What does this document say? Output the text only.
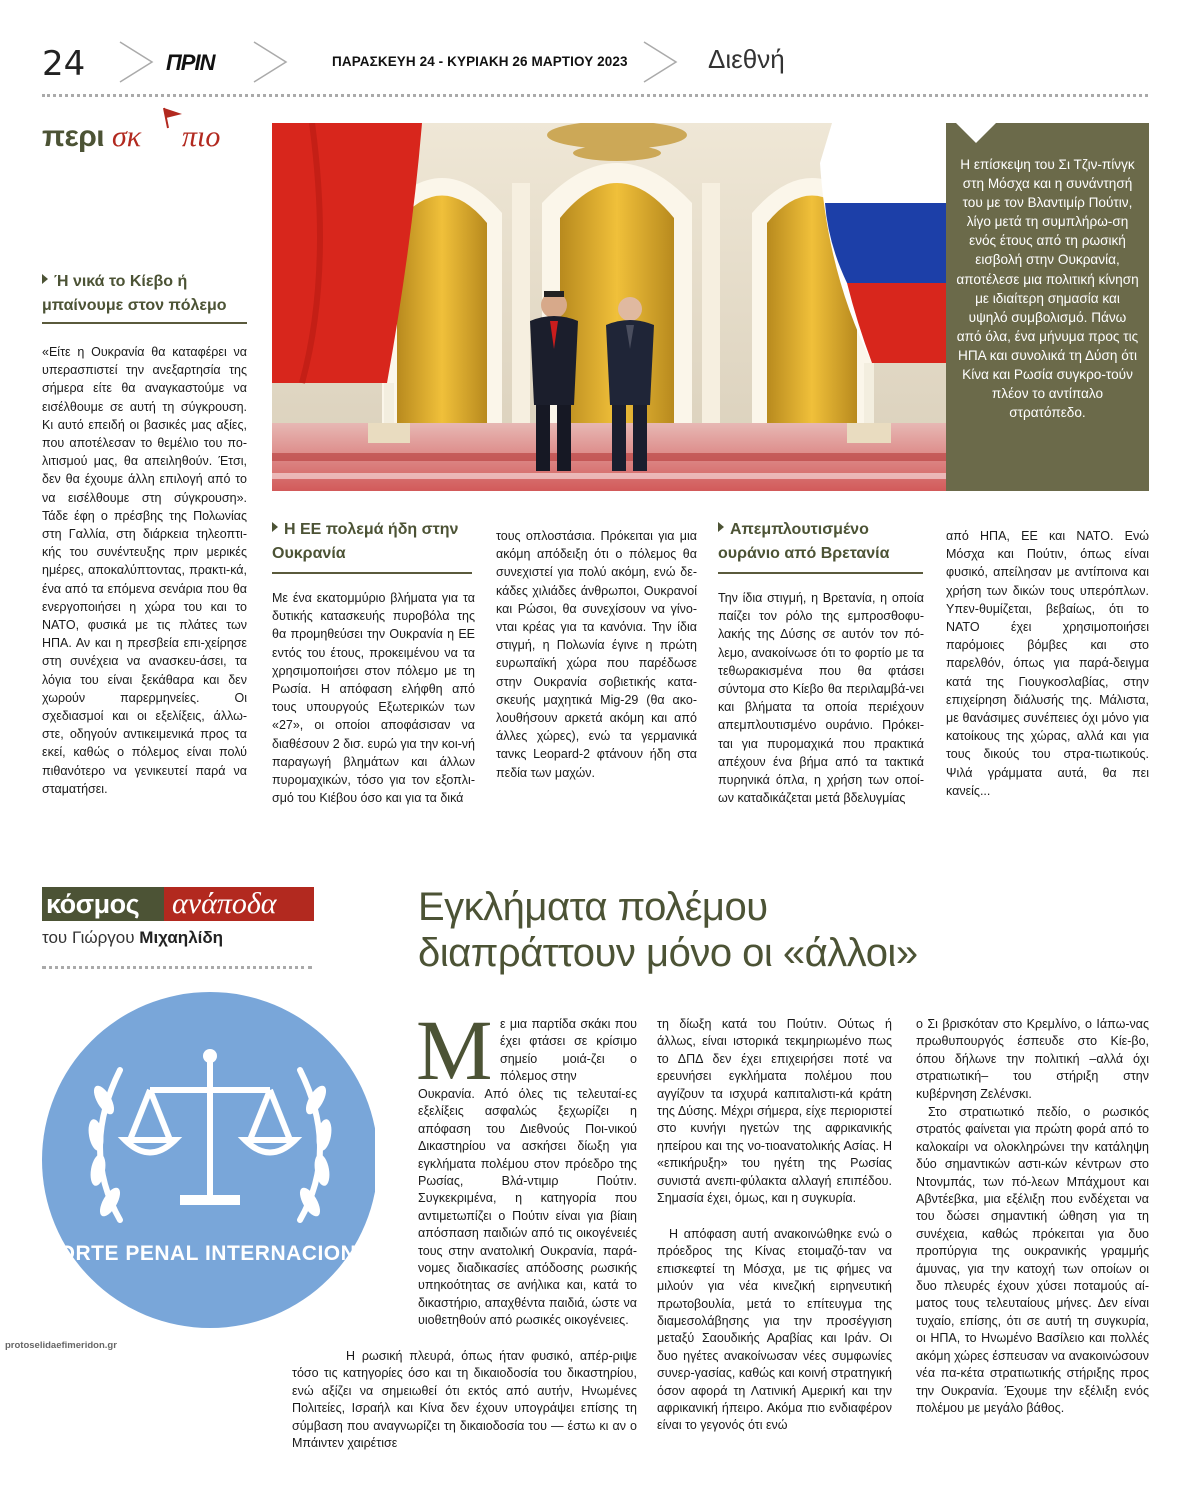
24	ΠΡΙΝ	ΠΑΡΑΣΚΕΥΗ 24 - ΚΥΡΙΑΚΗ 26 ΜΑΡΤΙΟΥ 2023	Διεθνή
περι σκ πιο
Η επίσκεψη του Σι Τζιν-πίνγκ στη Μόσχα και η συνάντησή του με τον Βλαντιμίρ Πούτιν, λίγο μετά τη συμπλήρω-ση ενός έτους από τη ρωσική εισβολή στην Ουκρανία, αποτέλεσε μια πολιτική κίνηση με ιδιαίτερη σημασία και υψηλό συμβολισμό. Πάνω από όλα, ένα μήνυμα προς τις ΗΠΑ και συνολικά τη Δύση ότι Κίνα και Ρωσία συγκρο-τούν πλέον το αντίπαλο στρατόπεδο.
Ή νικά το Κίεβο ή μπαίνουμε στον πόλεμο
«Είτε η Ουκρανία θα καταφέρει να υπερασπιστεί την ανεξαρτησία της σήμερα είτε θα αναγκαστούμε να εισέλθουμε σε αυτή τη σύγκρουση. Κι αυτό επειδή οι βασικές μας αξίες, που αποτέλεσαν το θεμέλιο του πο-λιτισμού μας, θα απειληθούν. Έτσι, δεν θα έχουμε άλλη επιλογή από το να εισέλθουμε στη σύγκρουση». Τάδε έφη ο πρέσβης της Πολωνίας στη Γαλλία, στη διάρκεια τηλεοπτι-κής του συνέντευξης πριν μερικές ημέρες, αποκαλύπτοντας, πρακτι-κά, ένα από τα επόμενα σενάρια που θα ενεργοποιήσει η χώρα του και το ΝΑΤΟ, φυσικά με τις πλάτες των ΗΠΑ. Αν και η πρεσβεία επι-χείρησε στη συνέχεια να ανασκευ-άσει, τα λόγια του είναι ξεκάθαρα και δεν χωρούν παρερμηνείες. Οι σχεδιασμοί και οι εξελίξεις, άλλω-στε, οδηγούν αντικειμενικά προς τα εκεί, καθώς ο πόλεμος είναι πολύ πιθανότερο να γενικευτεί παρά να σταματήσει.
Η ΕΕ πολεμά ήδη στην Ουκρανία
Με ένα εκατομμύριο βλήματα για τα δυτικής κατασκευής πυροβόλα της θα προμηθεύσει την Ουκρανία η ΕΕ εντός του έτους, προκειμένου να τα χρησιμοποιήσει στον πόλεμο με τη Ρωσία. Η απόφαση ελήφθη από τους υπουργούς Εξωτερικών των «27», οι οποίοι αποφάσισαν να διαθέσουν 2 δισ. ευρώ για την κοι-νή παραγωγή βλημάτων και άλλων πυρομαχικών, τόσο για τον εξοπλι-σμό του Κιέβου όσο και για τα δικά
τους οπλοστάσια. Πρόκειται για μια ακόμη απόδειξη ότι ο πόλεμος θα συνεχιστεί για πολύ ακόμη, ενώ δε-κάδες χιλιάδες άνθρωποι, Ουκρανοί και Ρώσοι, θα συνεχίσουν να γίνο-νται κρέας για τα κανόνια. Την ίδια στιγμή, η Πολωνία έγινε η πρώτη ευρωπαϊκή χώρα που παρέδωσε στην Ουκρανία σοβιετικής κατα-σκευής μαχητικά Mig-29 (θα ακο-λουθήσουν αρκετά ακόμη και από άλλες χώρες), ενώ τα γερμανικά τανκς Leopard-2 φτάνουν ήδη στα πεδία των μαχών.
Απεμπλουτισμένο ουράνιο από Βρετανία
Την ίδια στιγμή, η Βρετανία, η οποία παίζει τον ρόλο της εμπροσθοφυ-λακής της Δύσης σε αυτόν τον πό-λεμο, ανακοίνωσε ότι το φορτίο με τα τεθωρακισμένα που θα φτάσει σύντομα στο Κίεβο θα περιλαμβά-νει και βλήματα τα οποία περιέχουν απεμπλουτισμένο ουράνιο. Πρόκει-ται για πυρομαχικά που πρακτικά απέχουν ένα βήμα από τα τακτικά πυρηνικά όπλα, η χρήση των οποί-ων καταδικάζεται μετά βδελυγμίας
από ΗΠΑ, ΕΕ και ΝΑΤΟ. Ενώ Μόσχα και Πούτιν, όπως είναι φυσικό, απείλησαν με αντίποινα και χρήση των δικών τους υπερόπλων. Υπεν-θυμίζεται, βεβαίως, ότι το ΝΑΤΟ έχει χρησιμοποιήσει παρόμοιες βόμβες και στο παρελθόν, όπως για παρά-δειγμα κατά της Γιουγκοσλαβίας, στην επιχείρηση διάλυσής της. Μάλιστα, με θανάσιμες συνέπειες όχι μόνο για κατοίκους της χώρας, αλλά και για τους δικούς του στρα-τιωτικούς. Ψιλά γράμματα αυτά, θα πει κανείς...
κόσμος	ανάποδα
του Γιώργου Μιχαηλίδη
ORTE PENAL INTERNACION
protoselidaefimeridon.gr
Εγκλήματα πολέμου
διαπράττουν μόνο οι «άλλοι»
Μ ε μια παρτίδα σκάκι που έχει φτάσει σε κρίσιμο σημείο μοιά-ζει ο πόλεμος στην
Ουκρανία. Από όλες τις τελευταί-ες εξελίξεις ασφαλώς ξεχωρίζει η απόφαση του Διεθνούς Ποι-νικού Δικαστηρίου να ασκήσει δίωξη για εγκλήματα πολέμου στον πρόεδρο της Ρωσίας, Βλά-ντιμιρ Πούτιν. Συγκεκριμένα, η κατηγορία που αντιμετωπίζει ο Πούτιν είναι για βίαιη απόσπαση παιδιών από τις οικογένειές τους στην ανατολική Ουκρανία, παρά-νομες διαδικασίες απόδοσης ρωσικής υπηκοότητας σε ανήλικα και, κατά το δικαστήριο, απαχθέντα παιδιά, ώστε να υιοθετηθούν από ρωσικές οικογένειες.
Η ρωσική πλευρά, όπως ήταν φυσικό, απέρ-ριψε τόσο τις κατηγορίες όσο και τη δικαιοδοσία του δικαστηρίου, ενώ αξίζει να σημειωθεί ότι εκτός από αυτήν, Ηνωμένες Πολιτείες, Ισραήλ και Κίνα δεν έχουν υπογράψει επίσης τη σύμβαση που αναγνωρίζει τη δικαιοδοσία του — έστω κι αν ο Μπάιντεν χαιρέτισε
τη δίωξη κατά του Πούτιν. Ούτως ή άλλως, είναι ιστορικά τεκμηριωμένο πως το ΔΠΔ δεν έχει επιχειρήσει ποτέ να ερευνήσει εγκλήματα πολέμου που αγγίζουν τα ισχυρά καπιταλιστι-κά κράτη της Δύσης. Μέχρι σήμερα, είχε περιοριστεί στο κυνήγι ηγετών της αφρικανικής ηπείρου και της νο-τιοανατολικής Ασίας. Η «επικήρυξη» του ηγέτη της Ρωσίας συνιστά ανεπι-φύλακτα αλλαγή επιπέδου. Σημασία έχει, όμως, και η συγκυρία.
Η απόφαση αυτή ανακοινώθηκε ενώ ο πρόεδρος της Κίνας ετοιμαζό-ταν να επισκεφτεί τη Μόσχα, με τις φήμες να μιλούν για νέα κινεζική ειρηνευτική πρωτοβουλία, μετά το επίτευγμα της διαμεσολάβησης για την προσέγγιση μεταξύ Σαουδικής Αραβίας και Ιράν. Οι δυο ηγέτες ανακοίνωσαν νέες συμφωνίες συνερ-γασίας, καθώς και κοινή στρατηγική όσον αφορά τη Λατινική Αμερική και την αφρικανική ήπειρο. Ακόμα πιο ενδιαφέρον είναι το γεγονός ότι ενώ
ο Σι βρισκόταν στο Κρεμλίνο, ο Ιάπω-νας πρωθυπουργός έσπευδε στο Κίε-βο, όπου δήλωνε την πολιτική –αλλά όχι στρατιωτική– του στήριξη στην κυβέρνηση Ζελένσκι.
Στο στρατιωτικό πεδίο, ο ρωσικός στρατός φαίνεται για πρώτη φορά από το καλοκαίρι να ολοκληρώνει την κατάληψη δύο σημαντικών αστι-κών κέντρων στο Ντονμπάς, των πό-λεων Μπάχμουτ και Αβντέεβκα, μια εξέλιξη που ενδέχεται να του δώσει σημαντική ώθηση για τη συνέχεια, καθώς πρόκειται για δυο προπύργια της ουκρανικής γραμμής άμυνας, για την κατοχή των οποίων οι δυο πλευρές έχουν χύσει ποταμούς αί-ματος τους τελευταίους μήνες. Δεν είναι τυχαίο, επίσης, ότι σε αυτή τη συγκυρία, οι ΗΠΑ, το Ηνωμένο Βασίλειο και πολλές ακόμη χώρες έσπευσαν να ανακοινώσουν νέα πα-κέτα στρατιωτικής στήριξης προς την Ουκρανία. Έχουμε την εξέλιξη ενός πολέμου με μεγάλο βάθος.
